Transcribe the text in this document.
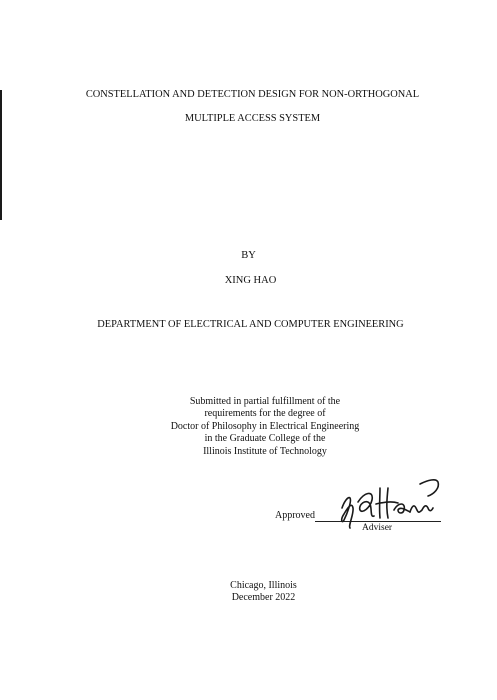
CONSTELLATION AND DETECTION DESIGN FOR NON-ORTHOGONAL
MULTIPLE ACCESS SYSTEM
BY
XING HAO
DEPARTMENT OF ELECTRICAL AND COMPUTER ENGINEERING
Submitted in partial fulfillment of the
requirements for the degree of
Doctor of Philosophy in Electrical Engineering
in the Graduate College of the
Illinois Institute of Technology
Approved
Adviser
Chicago, Illinois
December 2022
